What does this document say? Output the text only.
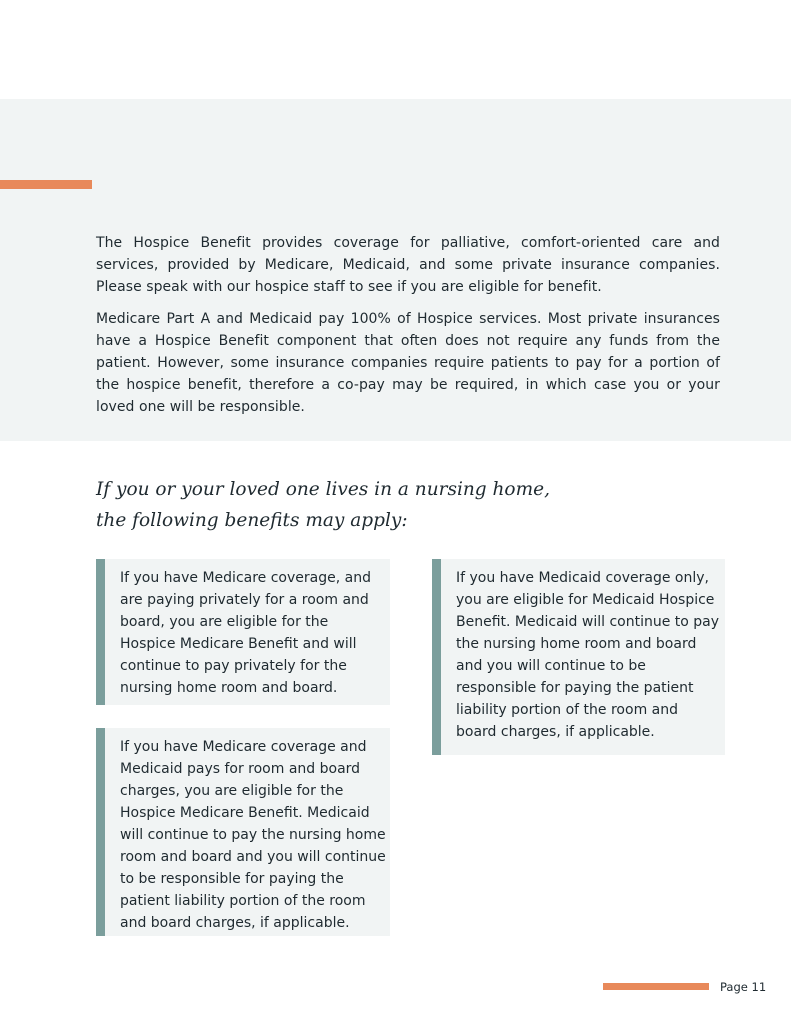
The Hospice Benefit provides coverage for palliative, comfort-oriented care and services, provided by Medicare, Medicaid, and some private insurance companies. Please speak with our hospice staff to see if you are eligible for benefit.

Medicare Part A and Medicaid pay 100% of Hospice services. Most private insurances have a Hospice Benefit component that often does not require any funds from the patient. However, some insurance companies require patients to pay for a portion of the hospice benefit, therefore a co-pay may be required, in which case you or your loved one will be responsible.

If you or your loved one lives in a nursing home,
the following benefits may apply:
If you have Medicare coverage, and are paying privately for a room and board, you are eligible for the Hospice Medicare Benefit and will continue to pay privately for the nursing home room and board.
If you have Medicare coverage and Medicaid pays for room and board charges, you are eligible for the Hospice Medicare Benefit. Medicaid will continue to pay the nursing home room and board and you will continue to be responsible for paying the patient liability portion of the room and board charges, if applicable.
If you have Medicaid coverage only, you are eligible for Medicaid Hospice Benefit. Medicaid will continue to pay the nursing home room and board and you will continue to be responsible for paying the patient liability portion of the room and board charges, if applicable.
Page 11
